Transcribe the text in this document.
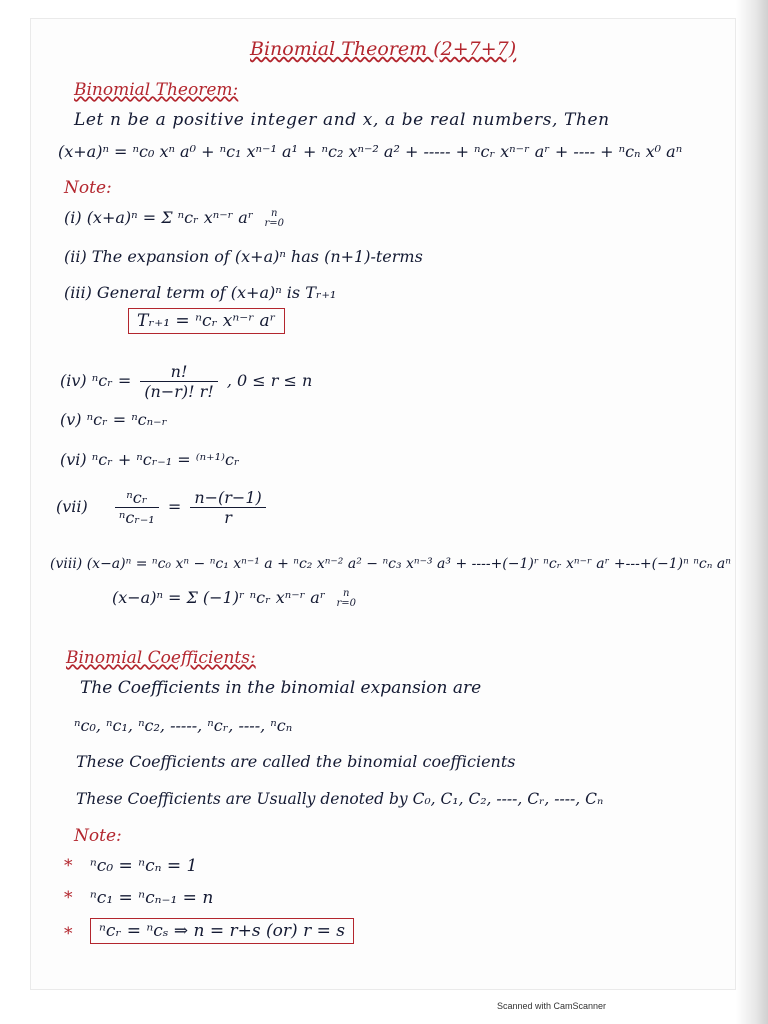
Binomial Theorem (2+7+7)
Binomial Theorem:
Let n be a positive integer and x, a be real numbers, Then
(x+a)ⁿ = ⁿc₀ xⁿ a⁰ + ⁿc₁ xⁿ⁻¹ a¹ + ⁿc₂ xⁿ⁻² a² + ----- + ⁿcᵣ xⁿ⁻ʳ aʳ + ---- + ⁿcₙ x⁰ aⁿ
Note:
(i) (x+a)ⁿ = Σ ⁿcᵣ xⁿ⁻ʳ aʳ	n
r=0
(ii) The expansion of (x+a)ⁿ has (n+1)-terms
(iii) General term of (x+a)ⁿ is Tᵣ₊₁
Tᵣ₊₁ = ⁿcᵣ xⁿ⁻ʳ aʳ
(iv) ⁿcᵣ = $\frac{n!}{(n-r)! r!}$ , 0 ≤ r ≤ n
(v) ⁿcᵣ = ⁿcₙ₋ᵣ
(vi) ⁿcᵣ + ⁿcᵣ₋₁ = ⁽ⁿ⁺¹⁾cᵣ
$(vii) \frac{\text{ⁿcᵣ}}{\text{ⁿcᵣ₋₁}} = \frac{n-(r-1)}{r}$
(viii) (x−a)ⁿ = ⁿc₀ xⁿ − ⁿc₁ xⁿ⁻¹ a + ⁿc₂ xⁿ⁻² a² − ⁿc₃ xⁿ⁻³ a³ + ----+(−1)ʳ ⁿcᵣ xⁿ⁻ʳ aʳ +---+(−1)ⁿ ⁿcₙ aⁿ
(x−a)ⁿ = Σ (−1)ʳ ⁿcᵣ xⁿ⁻ʳ aʳ	n
r=0
Binomial Coefficients:
The Coefficients in the binomial expansion are
ⁿc₀, ⁿc₁, ⁿc₂, -----, ⁿcᵣ, ----, ⁿcₙ
These Coefficients are called the binomial coefficients
These Coefficients are Usually denoted by C₀, C₁, C₂, ----, Cᵣ, ----, Cₙ
Note:
* ⁿc₀ = ⁿcₙ = 1
* ⁿc₁ = ⁿcₙ₋₁ = n
*	ⁿcᵣ = ⁿcₛ ⇒ n = r+s (or) r = s
Scanned with CamScanner
